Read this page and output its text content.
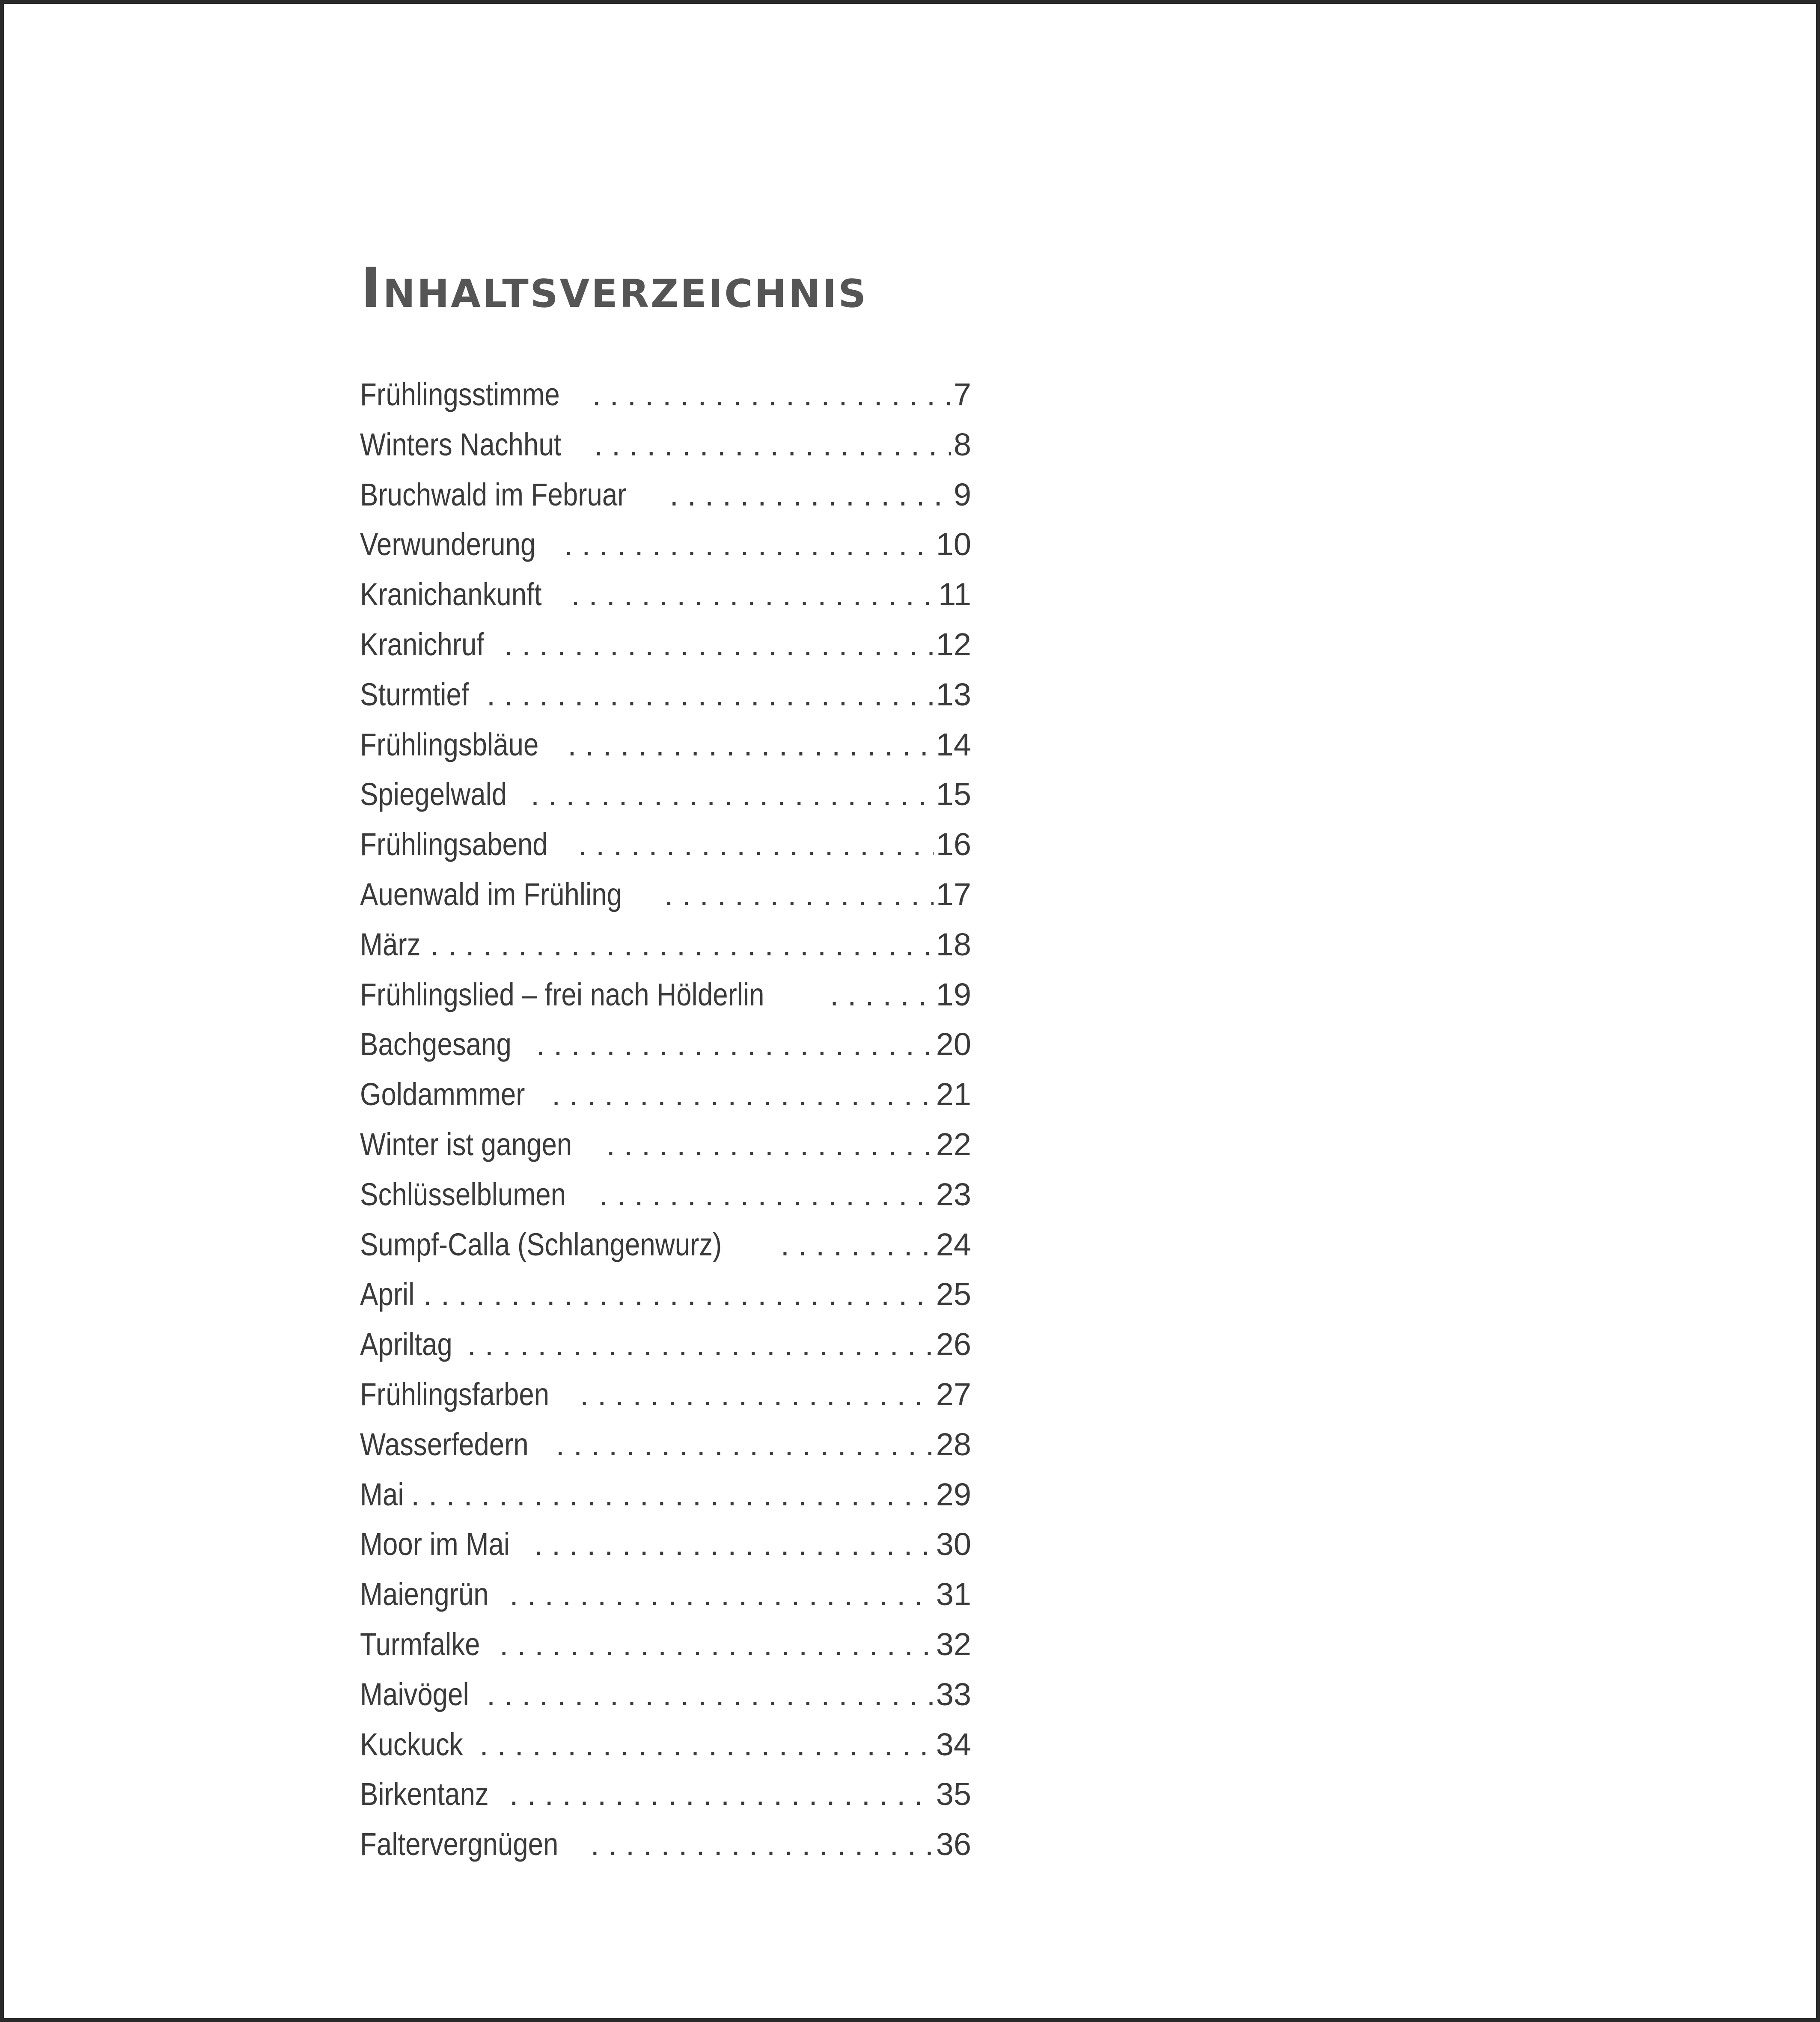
Inhaltsverzeichnis
Frühlingsstimme . . .	7
Winters Nachhut . . .	8
Bruchwald im Februar . . .	9
Verwunderung . . .	10
Kranichankunft . . .	11
Kranichruf . . .	12
Sturmtief . . .	13
Frühlingsbläue . . .	14
Spiegelwald . . .	15
Frühlingsabend . . .	16
Auenwald im Frühling . . .	17
März . . .	18
Frühlingslied – frei nach Hölderlin . . .	19
Bachgesang . . .	20
Goldammmer . . .	21
Winter ist gangen . . .	22
Schlüsselblumen . . .	23
Sumpf-Calla (Schlangenwurz) . . .	24
April . . .	25
Apriltag . . .	26
Frühlingsfarben . . .	27
Wasserfedern . . .	28
Mai . . .	29
Moor im Mai . . .	30
Maiengrün . . .	31
Turmfalke . . .	32
Maivögel . . .	33
Kuckuck . . .	34
Birkentanz . . .	35
Faltervergnügen . . .	36
